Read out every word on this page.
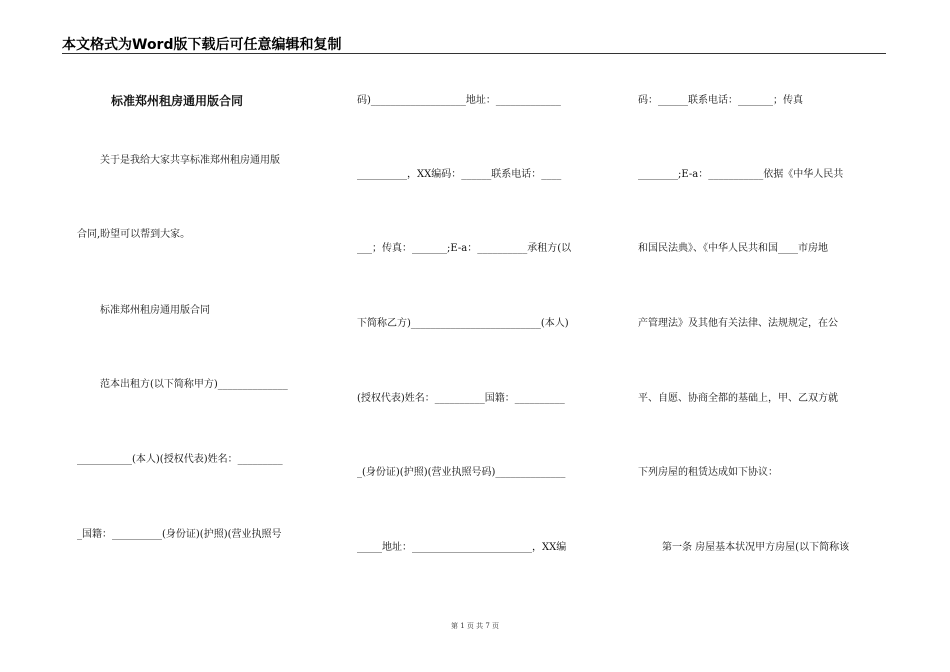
本文格式为Word版下载后可任意编辑和复制
标准郑州租房通用版合同
关于是我给大家共享标准郑州租房通用版
合同,盼望可以帮到大家。
标准郑州租房通用版合同
范本出租方(以下简称甲方)______________
___________(本人)(授权代表)姓名：_________
_国籍：__________(身份证)(护照)(营业执照号
码)___________________地址：_____________
__________，XX编码：______联系电话：____
___；传真：_______;E-a：__________承租方(以
下简称乙方)__________________________(本人)
(授权代表)姓名：__________国籍：__________
_(身份证)(护照)(营业执照号码)______________
_____地址：________________________，XX编
码：______联系电话：_______；传真
________;E-a：___________依据《中华人民共
和国民法典》、《中华人民共和国____市房地
产管理法》及其他有关法律、法规规定，在公
平、自愿、协商全都的基础上，甲、乙双方就
下列房屋的租赁达成如下协议：
第一条 房屋基本状况甲方房屋(以下简称该
第 1 页 共 7 页
